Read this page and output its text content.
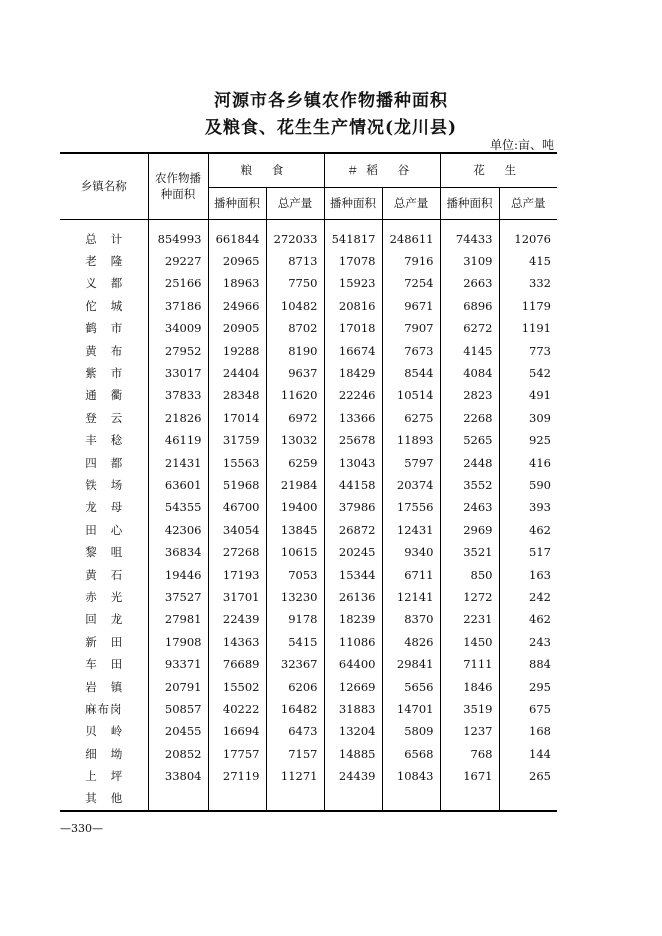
河源市各乡镇农作物播种面积
及粮食、花生生产情况(龙川县)
单位:亩、吨
乡镇名称	农作物播种面积	粮 食		＃稻 谷		花 生	
		播种面积	总产量	播种面积	总产量	播种面积	总产量
总计	854993	661844	272033	541817	248611	74433	12076
老隆	29227	20965	8713	17078	7916	3109	415
义都	25166	18963	7750	15923	7254	2663	332
佗城	37186	24966	10482	20816	9671	6896	1179
鹤市	34009	20905	8702	17018	7907	6272	1191
黄布	27952	19288	8190	16674	7673	4145	773
紫市	33017	24404	9637	18429	8544	4084	542
通衢	37833	28348	11620	22246	10514	2823	491
登云	21826	17014	6972	13366	6275	2268	309
丰稔	46119	31759	13032	25678	11893	5265	925
四都	21431	15563	6259	13043	5797	2448	416
铁场	63601	51968	21984	44158	20374	3552	590
龙母	54355	46700	19400	37986	17556	2463	393
田心	42306	34054	13845	26872	12431	2969	462
黎咀	36834	27268	10615	20245	9340	3521	517
黄石	19446	17193	7053	15344	6711	850	163
赤光	37527	31701	13230	26136	12141	1272	242
回龙	27981	22439	9178	18239	8370	2231	462
新田	17908	14363	5415	11086	4826	1450	243
车田	93371	76689	32367	64400	29841	7111	884
岩镇	20791	15502	6206	12669	5656	1846	295
麻布岗	50857	40222	16482	31883	14701	3519	675
贝岭	20455	16694	6473	13204	5809	1237	168
细坳	20852	17757	7157	14885	6568	768	144
上坪	33804	27119	11271	24439	10843	1671	265
其他							
—330—
